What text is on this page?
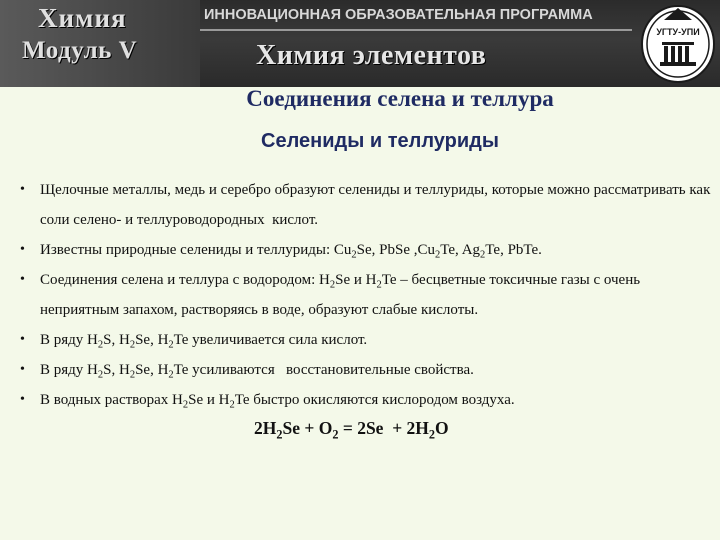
Химия
Модуль V
ИННОВАЦИОННАЯ ОБРАЗОВАТЕЛЬНАЯ ПРОГРАММА
Химия элементов
УГТУ-УПИ
Соединения селена и теллура
Селениды и теллуриды
• Щелочные металлы, медь и серебро образуют селениды и теллуриды, которые можно рассматривать как соли селено- и теллуроводородных  кислот.
• Известны природные селениды и теллуриды: $Cu_2Se$, PbSe $,Cu_2Te$, $Ag_2Te$, PbTe.
• Соединения селена и теллура с водородом: $H_2Se$ и $H_2Te$ – бесцветные токсичные газы с очень неприятным запахом, растворяясь в воде, образуют слабые кислоты.
• В ряду $H_2S$, $H_2Se$, $H_2Te$ увеличивается сила кислот.
• В ряду $H_2S$, $H_2Se$, $H_2Te$ усиливаются   восстановительные свойства.
• В водных растворах $H_2Se$ и $H_2Te$ быстро окисляются кислородом воздуха.
$2H_2Se + O_2 = 2Se + 2H_2O$
